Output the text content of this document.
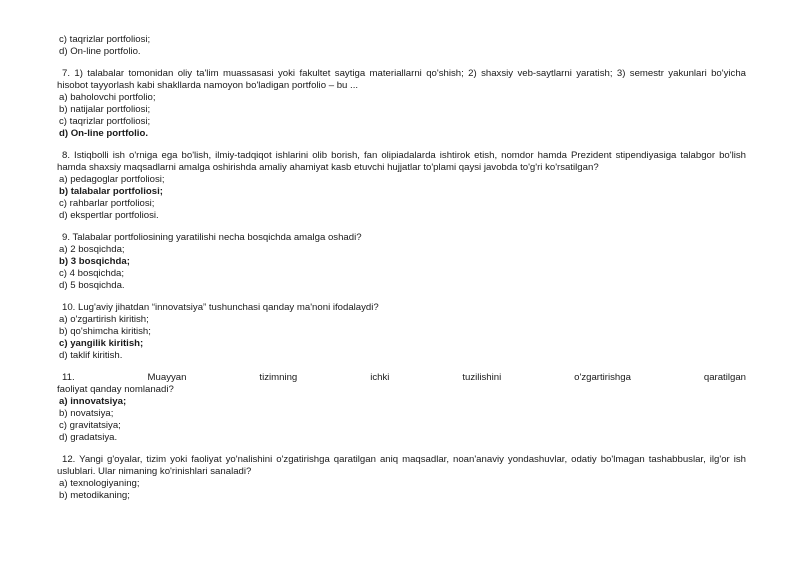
c) taqrizlar portfoliosi;
d) On-line portfolio.
7. 1) talabalar tomonidan oliy ta'lim muassasasi yoki fakultet saytiga materiallarni qo'shish; 2) shaxsiy veb-saytlarni yaratish; 3) semestr yakunlari bo'yicha hisobot tayyorlash kabi shakllarda namoyon bo'ladigan portfolio – bu ...
a) baholovchi portfolio;
b) natijalar portfoliosi;
c) taqrizlar portfoliosi;
d) On-line portfolio.
8. Istiqbolli ish o'rniga ega bo'lish, ilmiy-tadqiqot ishlarini olib borish, fan olipiadalarda ishtirok etish, nomdor hamda Prezident stipendiyasiga talabgor bo'lish hamda shaxsiy maqsadlarni amalga oshirishda amaliy ahamiyat kasb etuvchi hujjatlar to'plami qaysi javobda to'g'ri ko'rsatilgan?
a) pedagoglar portfoliosi;
b) talabalar portfoliosi;
c) rahbarlar portfoliosi;
d) ekspertlar portfoliosi.
9. Talabalar portfoliosining yaratilishi necha bosqichda amalga oshadi?
a) 2 bosqichda;
b) 3 bosqichda;
c) 4 bosqichda;
d) 5 bosqichda.
10. Lug'aviy jihatdan “innovatsiya” tushunchasi qanday ma'noni ifodalaydi?
a) o'zgartirish kiritish;
b) qo'shimcha kiritish;
c) yangilik kiritish;
d) taklif kiritish.
11.	Muayyan	tizimning	ichki	tuzilishini	o'zgartirishga	qaratilgan
faoliyat qanday nomlanadi?
a) innovatsiya;
b) novatsiya;
c) gravitatsiya;
d) gradatsiya.
12. Yangi g'oyalar, tizim yoki faoliyat yo'nalishini o'zgatirishga qaratilgan aniq maqsadlar, noan'anaviy yondashuvlar, odatiy bo'lmagan tashabbuslar, ilg'or ish uslublari. Ular nimaning ko'rinishlari sanaladi?
a) texnologiyaning;
b) metodikaning;
